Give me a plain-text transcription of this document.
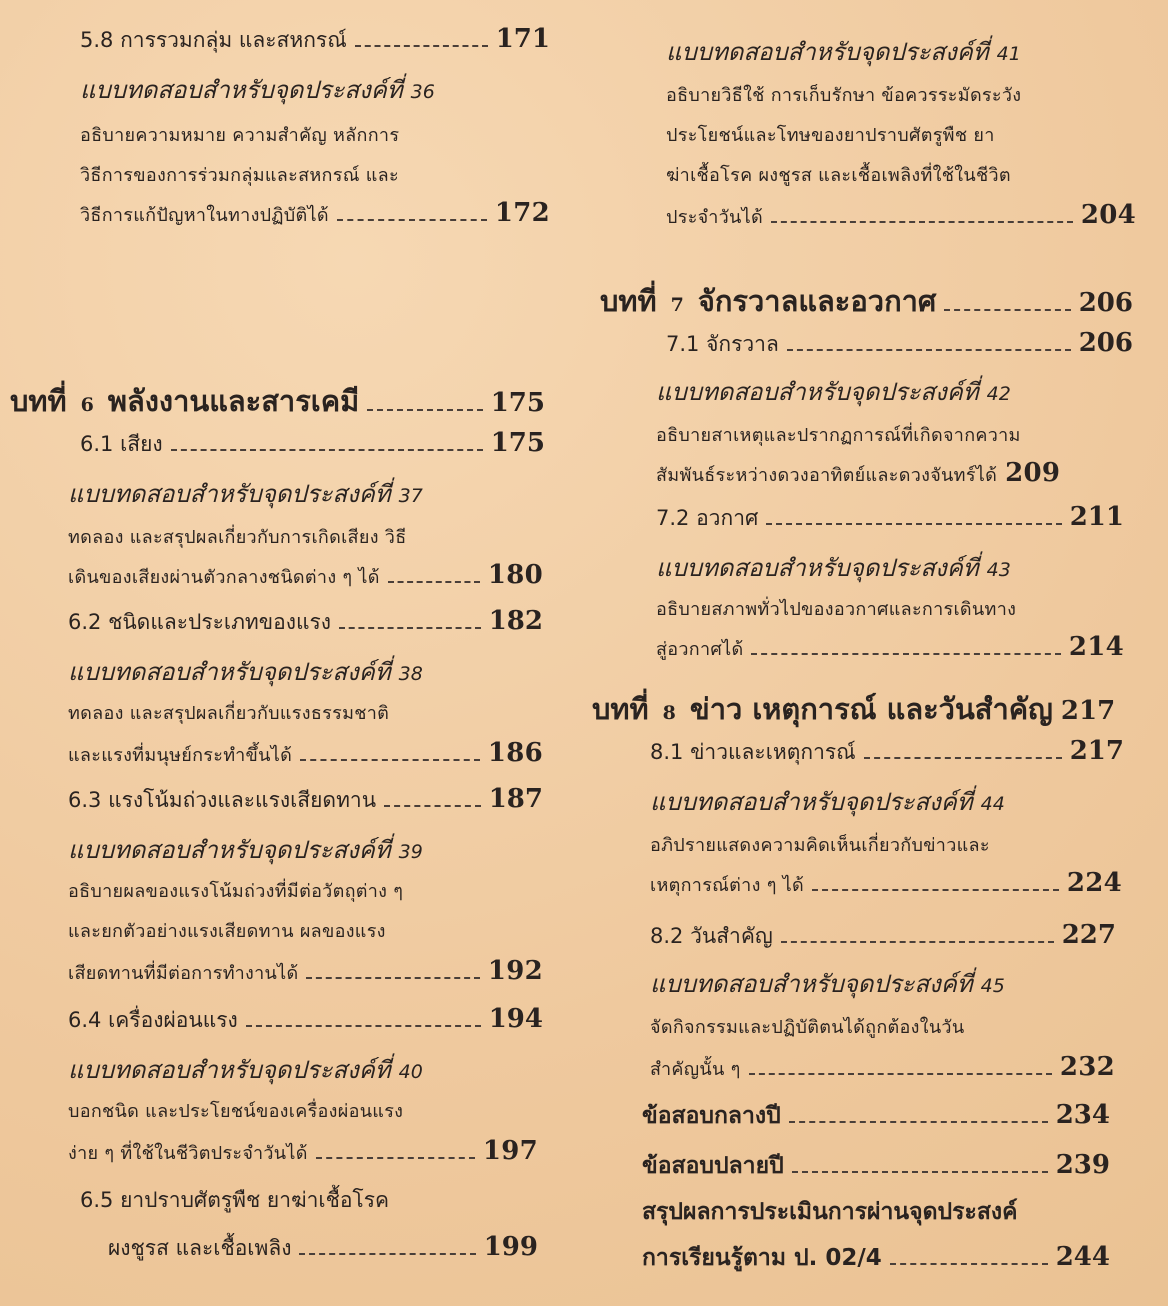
5.8 การรวมกลุ่ม และสหกรณ์	171
แบบทดสอบสำหรับจุดประสงค์ที่ 36
อธิบายความหมาย ความสำคัญ หลักการ
วิธีการของการร่วมกลุ่มและสหกรณ์ และ
วิธีการแก้ปัญหาในทางปฏิบัติได้	172
บทที่ 6 พลังงานและสารเคมี	175
6.1 เสียง	175
แบบทดสอบสำหรับจุดประสงค์ที่ 37
ทดลอง และสรุปผลเกี่ยวกับการเกิดเสียง วิธี
เดินของเสียงผ่านตัวกลางชนิดต่าง ๆ ได้	180
6.2 ชนิดและประเภทของแรง	182
แบบทดสอบสำหรับจุดประสงค์ที่ 38
ทดลอง และสรุปผลเกี่ยวกับแรงธรรมชาติ
และแรงที่มนุษย์กระทำขึ้นได้	186
6.3 แรงโน้มถ่วงและแรงเสียดทาน	187
แบบทดสอบสำหรับจุดประสงค์ที่ 39
อธิบายผลของแรงโน้มถ่วงที่มีต่อวัตถุต่าง ๆ
และยกตัวอย่างแรงเสียดทาน ผลของแรง
เสียดทานที่มีต่อการทำงานได้	192
6.4 เครื่องผ่อนแรง	194
แบบทดสอบสำหรับจุดประสงค์ที่ 40
บอกชนิด และประโยชน์ของเครื่องผ่อนแรง
ง่าย ๆ ที่ใช้ในชีวิตประจำวันได้	197
6.5 ยาปราบศัตรูพืช ยาฆ่าเชื้อโรค
ผงชูรส และเชื้อเพลิง	199
แบบทดสอบสำหรับจุดประสงค์ที่ 41
อธิบายวิธีใช้ การเก็บรักษา ข้อควรระมัดระวัง
ประโยชน์และโทษของยาปราบศัตรูพืช ยา
ฆ่าเชื้อโรค ผงชูรส และเชื้อเพลิงที่ใช้ในชีวิต
ประจำวันได้	204
บทที่ 7 จักรวาลและอวกาศ	206
7.1 จักรวาล	206
แบบทดสอบสำหรับจุดประสงค์ที่ 42
อธิบายสาเหตุและปรากฏการณ์ที่เกิดจากความ
สัมพันธ์ระหว่างดวงอาทิตย์และดวงจันทร์ได้ 209
7.2 อวกาศ	211
แบบทดสอบสำหรับจุดประสงค์ที่ 43
อธิบายสภาพทั่วไปของอวกาศและการเดินทาง
สู่อวกาศได้	214
บทที่ 8 ข่าว เหตุการณ์ และวันสำคัญ 217
8.1 ข่าวและเหตุการณ์	217
แบบทดสอบสำหรับจุดประสงค์ที่ 44
อภิปรายแสดงความคิดเห็นเกี่ยวกับข่าวและ
เหตุการณ์ต่าง ๆ ได้	224
8.2 วันสำคัญ	227
แบบทดสอบสำหรับจุดประสงค์ที่ 45
จัดกิจกรรมและปฏิบัติตนได้ถูกต้องในวัน
สำคัญนั้น ๆ	232
ข้อสอบกลางปี	234
ข้อสอบปลายปี	239
สรุปผลการประเมินการผ่านจุดประสงค์
การเรียนรู้ตาม ป. 02/4	244
